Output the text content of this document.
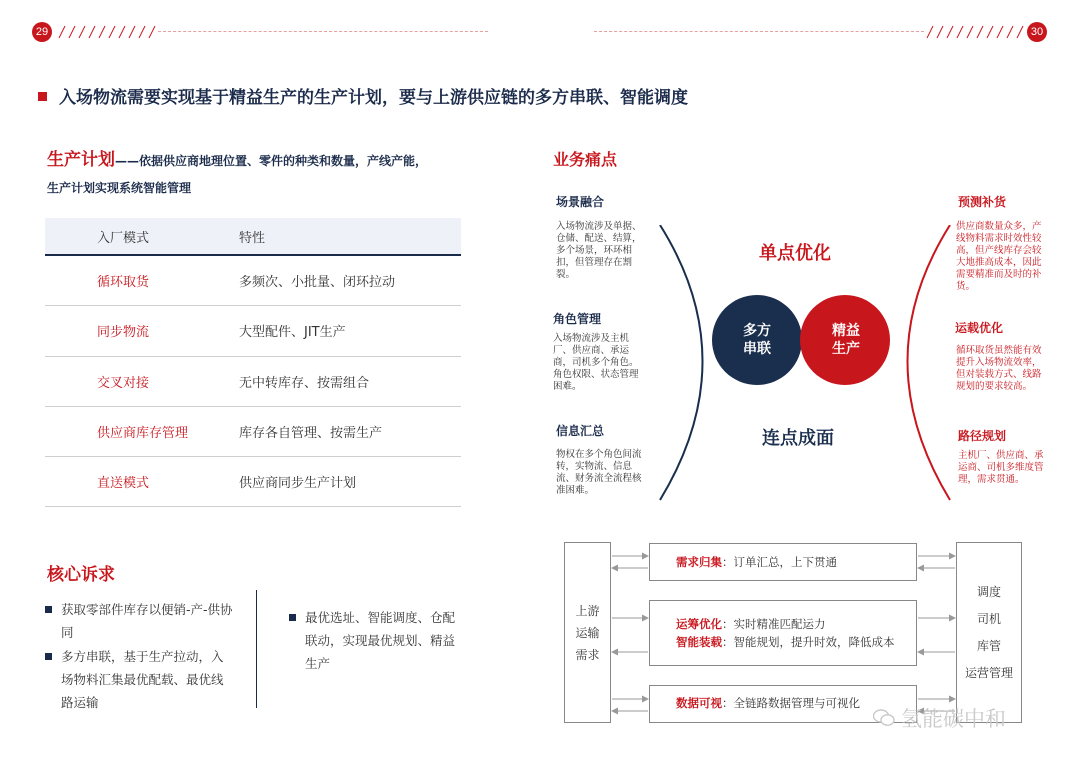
29	30
入场物流需要实现基于精益生产的生产计划，要与上游供应链的多方串联、智能调度
生产计划——依据供应商地理位置、零件的种类和数量，产线产能，
生产计划实现系统智能管理
入厂模式	特性
循环取货	多频次、小批量、闭环拉动
同步物流	大型配件、JIT生产
交叉对接	无中转库存、按需组合
供应商库存管理	库存各自管理、按需生产
直送模式	供应商同步生产计划
核心诉求
获取零部件库存以便销-产-供协同
多方串联，基于生产拉动，入场物料汇集最优配载、最优线路运输
最优选址、智能调度、仓配联动，实现最优规划、精益生产
业务痛点
场景融合
入场物流涉及单据、仓储、配送、结算，多个场景，环环相扣，但管理存在割裂。
角色管理
入场物流涉及主机厂、供应商、承运商，司机多个角色。角色权限、状态管理困难。
信息汇总
物权在多个角色间流转，实物流、信息流、财务流全流程核准困难。
预测补货
供应商数量众多，产线物料需求时效性较高，但产线库存会较大地推高成本，因此需要精准而及时的补货。
运载优化
循环取货虽然能有效提升入场物流效率，但对装载方式、线路规划的要求较高。
路径规划
主机厂、供应商、承运商、司机多维度管理，需求贯通。
多方
串联
精益
生产
单点优化
连点成面
上游
运输
需求
需求归集：订单汇总，上下贯通
运筹优化：实时精准匹配运力
智能装载：智能规划，提升时效，降低成本
数据可视：全链路数据管理与可视化
调度
司机
库管
运营管理
氢能碳中和
